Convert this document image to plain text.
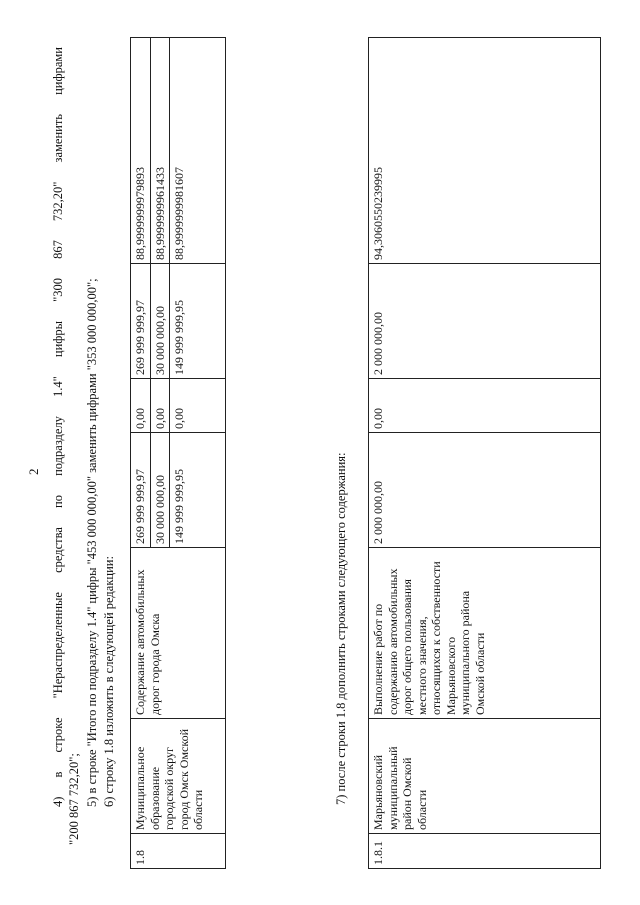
2 4) в строке "Нераспределенные средства по подразделу 1.4" цифры "300 867 732,20" заменить цифрами "200 867 732,20"; 5) в строке "Итого по подразделу 1.4" цифры "453 000 000,00" заменить цифрами "353 000 000,00"; 6) строку 1.8 изложить в следующей редакции:
1.8	Муниципальное образование городской округ город Омск Омской области	Содержание автомобильных дорог города Омска	269 999 999,97	0,00	269 999 999,97	88,9999999979893
			30 000 000,00	0,00	30 000 000,00	88,9999999961433
			149 999 999,95	0,00	149 999 999,95	88,9999999981607
7) после строки 1.8 дополнить строками следующего содержания:
1.8.1	Марьяновский муниципальный район Омской области	Выполнение работ по содержанию автомобильных дорог общего пользования местного значения, относящихся к собственности Марьяновского муниципального района Омской области	2 000 000,00	0,00	2 000 000,00	94,3060550239995
